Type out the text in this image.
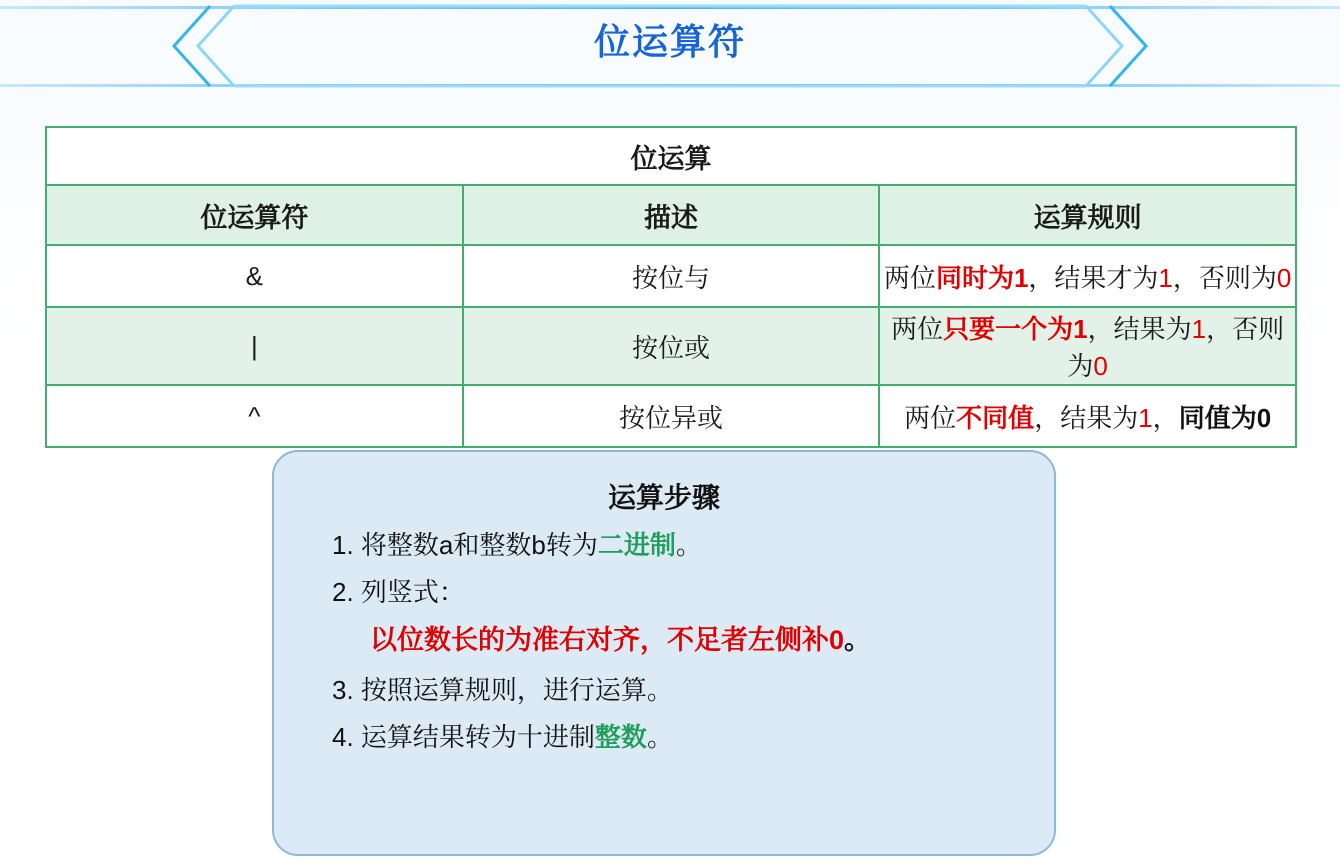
位运算符
位运算		
位运算符	描述	运算规则
&	按位与	两位同时为1，结果才为1，否则为0
|	按位或	两位只要一个为1，结果为1，否则为0
^	按位异或	两位不同值，结果为1，同值为0
运算步骤
1. 将整数a和整数b转为二进制。
2. 列竖式：
以位数长的为准右对齐，不足者左侧补0。
3. 按照运算规则，进行运算。
4. 运算结果转为十进制整数。
